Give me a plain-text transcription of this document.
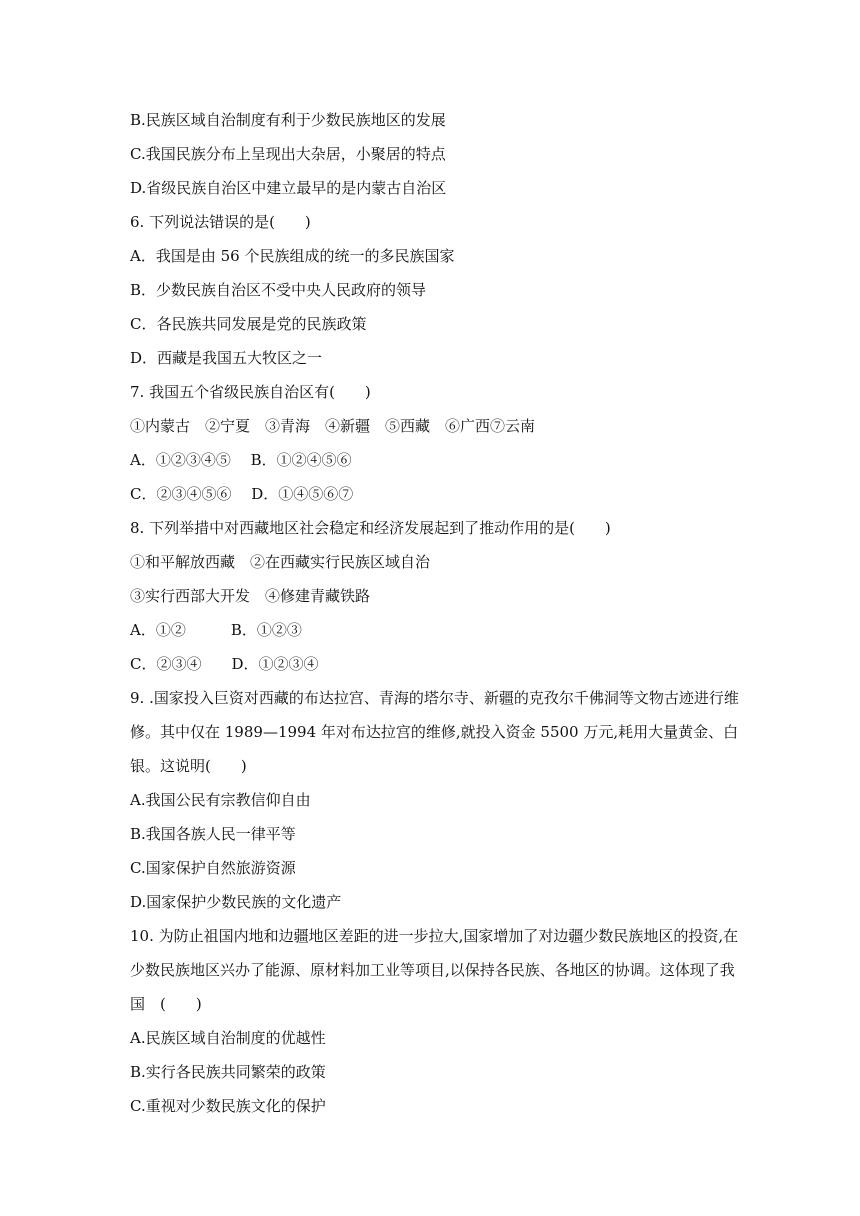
B.民族区域自治制度有利于少数民族地区的发展
C.我国民族分布上呈现出大杂居，小聚居的特点
D.省级民族自治区中建立最早的是内蒙古自治区
6. 下列说法错误的是(　　)
A．我国是由 56 个民族组成的统一的多民族国家
B．少数民族自治区不受中央人民政府的领导
C．各民族共同发展是党的民族政策
D．西藏是我国五大牧区之一
7. 我国五个省级民族自治区有(　　)
①内蒙古　②宁夏　③青海　④新疆　⑤西藏　⑥广西⑦云南
A．①②③④⑤　 B．①②④⑤⑥
C．②③④⑤⑥　 D．①④⑤⑥⑦
8. 下列举措中对西藏地区社会稳定和经济发展起到了推动作用的是(　　)
①和平解放西藏　②在西藏实行民族区域自治
③实行西部大开发　④修建青藏铁路
A．①②　　　B．①②③
C．②③④　　D．①②③④
9. .国家投入巨资对西藏的布达拉宫、青海的塔尔寺、新疆的克孜尔千佛洞等文物古迹进行维修。其中仅在 1989—1994 年对布达拉宫的维修,就投入资金 5500 万元,耗用大量黄金、白银。这说明(　　)
A.我国公民有宗教信仰自由
B.我国各族人民一律平等
C.国家保护自然旅游资源
D.国家保护少数民族的文化遗产
10. 为防止祖国内地和边疆地区差距的进一步拉大,国家增加了对边疆少数民族地区的投资,在少数民族地区兴办了能源、原材料加工业等项目,以保持各民族、各地区的协调。这体现了我国　(　　)
A.民族区域自治制度的优越性
B.实行各民族共同繁荣的政策
C.重视对少数民族文化的保护
